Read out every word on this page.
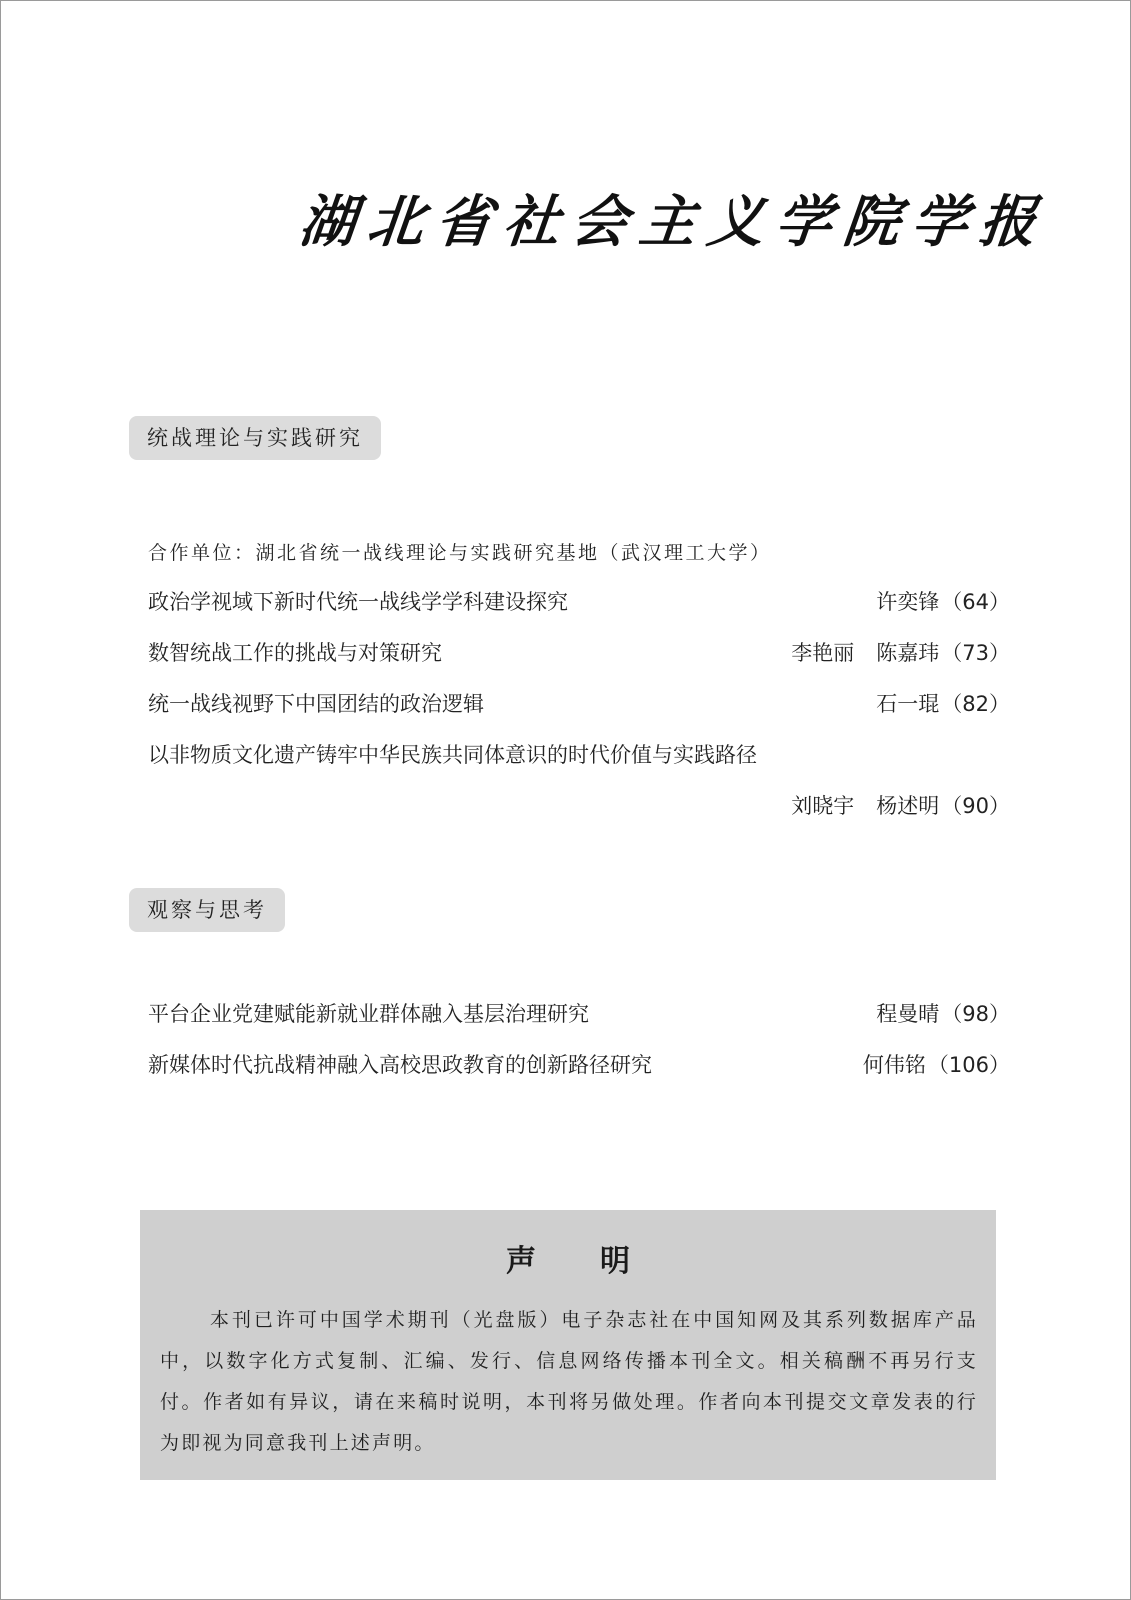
湖北省社会主义学院学报
统战理论与实践研究
合作单位：湖北省统一战线理论与实践研究基地（武汉理工大学）
政治学视域下新时代统一战线学学科建设探究	许奕锋（64）
数智统战工作的挑战与对策研究	李艳丽 陈嘉玮（73）
统一战线视野下中国团结的政治逻辑	石一琨（82）
以非物质文化遗产铸牢中华民族共同体意识的时代价值与实践路径
刘晓宇 杨述明（90）
观察与思考
平台企业党建赋能新就业群体融入基层治理研究	程曼晴（98）
新媒体时代抗战精神融入高校思政教育的创新路径研究	何伟铭（106）
声明
本刊已许可中国学术期刊（光盘版）电子杂志社在中国知网及其系列数据库产品中，以数字化方式复制、汇编、发行、信息网络传播本刊全文。相关稿酬不再另行支付。作者如有异议，请在来稿时说明，本刊将另做处理。作者向本刊提交文章发表的行为即视为同意我刊上述声明。
